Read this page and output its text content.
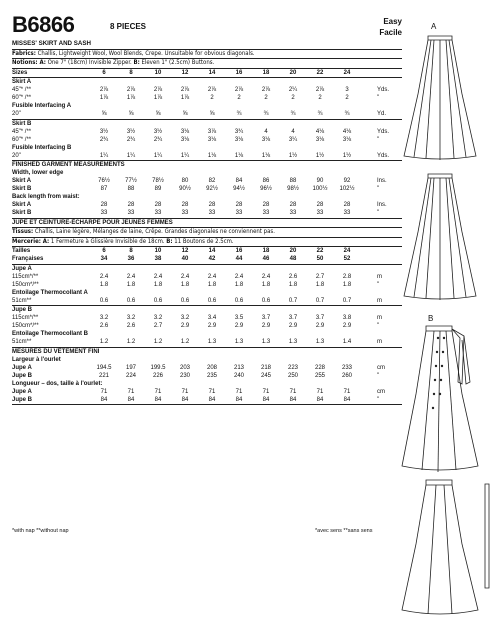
B6866	8 PIECES
Easy
Facile
MISSES' SKIRT AND SASH
Fabrics: Challis, Lightweight Wool, Wool Blends, Crepe. Unsuitable for obvious diagonals.
Notions: A: One 7" (18cm) Invisible Zipper. B: Eleven 1" (2.5cm) Buttons.
Sizes	6	8	10	12	14	16	18	20	22	24
Skirt A
45"* /**	2⅞	2⅞	2⅞	2⅞	2⅞	2⅞	2⅞	2¼	2⅞	3	Yds.
60"* /**	1⅞	1⅞	1⅞	1⅞	2	2	2	2	2	2	"
Fusible Interfacing A
20"	⅝	⅝	⅝	⅝	⅝	¾	¾	¾	¾	¾	Yd.
Skirt B
45"* /**	3½	3½	3½	3⅛	3⅞	3¾	4	4	4⅛	4⅛	Yds.
60"* /**	2¾	2¾	2¾	3⅛	3⅛	3⅛	3⅛	3¼	3⅛	3⅛	"
Fusible Interfacing B
20"	1¼	1¼	1¼	1¼	1⅛	1⅛	1⅛	1½	1½	1½	Yds.
FINISHED GARMENT MEASUREMENTS
Width, lower edge
Skirt A	76½	77½	78½	80	82	84	86	88	90	92	Ins.
Skirt B	87	88	89	90½	92½	94½	96½	98½	100½	102½	"
Back length from waist:
Skirt A	28	28	28	28	28	28	28	28	28	28	Ins.
Skirt B	33	33	33	33	33	33	33	33	33	33	"
JUPE ET CEINTURE-ÉCHARPE POUR JEUNES FEMMES
Tissus: Challis, Laine légère, Mélanges de laine, Crêpe. Grandes diagonales ne conviennent pas.
Mercerie: A: 1 Fermeture à Glissière Invisible de 18cm. B: 11 Boutons de 2.5cm.
Tailles	6	8	10	12	14	16	18	20	22	24
Françaises	34	36	38	40	42	44	46	48	50	52
Jupe A
115cm*/**	2.4	2.4	2.4	2.4	2.4	2.4	2.4	2.6	2.7	2.8	m
150cm*/**	1.8	1.8	1.8	1.8	1.8	1.8	1.8	1.8	1.8	1.8	"
Entoilage Thermocollant A
51cm**	0.6	0.6	0.6	0.6	0.6	0.6	0.6	0.7	0.7	0.7	m
Jupe B
115cm*/**	3.2	3.2	3.2	3.2	3.4	3.5	3.7	3.7	3.7	3.8	m
150cm*/**	2.6	2.6	2.7	2.9	2.9	2.9	2.9	2.9	2.9	2.9	"
Entoilage Thermocollant B
51cm**	1.2	1.2	1.2	1.2	1.3	1.3	1.3	1.3	1.3	1.4	m
MESURES DU VÊTEMENT FINI
Largeur à l'ourlet
Jupe A	194.5	197	199.5	203	208	213	218	223	228	233	cm
Jupe B	221	224	226	230	235	240	245	250	255	260	"
Longueur – dos, taille à l'ourlet:
Jupe A	71	71	71	71	71	71	71	71	71	71	cm
Jupe B	84	84	84	84	84	84	84	84	84	84	"
*with nap **without nap	*avec sens **sans sens
A
B
